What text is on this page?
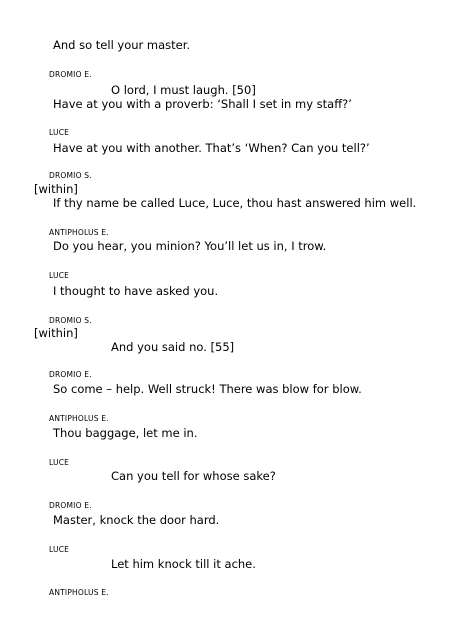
And so tell your master.
DROMIO E.
O lord, I must laugh. [50]
Have at you with a proverb: ‘Shall I set in my staff?’
LUCE
Have at you with another. That’s ‘When? Can you tell?’
DROMIO S.
[within]
If thy name be called Luce, Luce, thou hast answered him well.
ANTIPHOLUS E.
Do you hear, you minion? You’ll let us in, I trow.
LUCE
I thought to have asked you.
DROMIO S.
[within]
And you said no. [55]
DROMIO E.
So come – help. Well struck! There was blow for blow.
ANTIPHOLUS E.
Thou baggage, let me in.
LUCE
Can you tell for whose sake?
DROMIO E.
Master, knock the door hard.
LUCE
Let him knock till it ache.
ANTIPHOLUS E.
